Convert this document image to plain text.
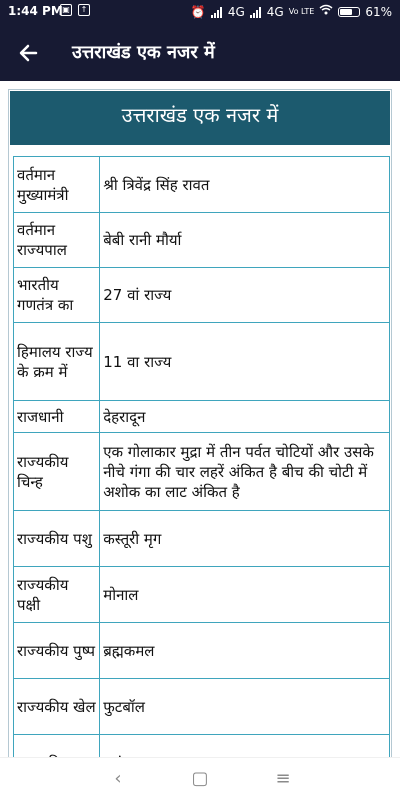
1:44 PM ▣	↑	⏰ 4G 4G Vo LTE	61%
उत्तराखंड एक नजर में
उत्तराखंड एक नजर में
वर्तमान मुख्यामंत्री	श्री त्रिवेंद्र सिंह रावत
वर्तमान राज्यपाल	बेबी रानी मौर्या
भारतीय गणतंत्र का	27 वां राज्य
हिमालय राज्य के क्रम में	11 वा राज्य
राजधानी	देहरादून
राज्यकीय चिन्ह	एक गोलाकार मुद्रा में तीन पर्वत चोटियों और उसके नीचे गंगा की चार लहरें अंकित है बीच की चोटी में अशोक का लाट अंकित है
राज्यकीय पशु	कस्तूरी मृग
राज्यकीय पक्षी	मोनाल
राज्यकीय पुष्प	ब्रह्मकमल
राज्यकीय खेल	फुटबॉल

‹	▢	≡
